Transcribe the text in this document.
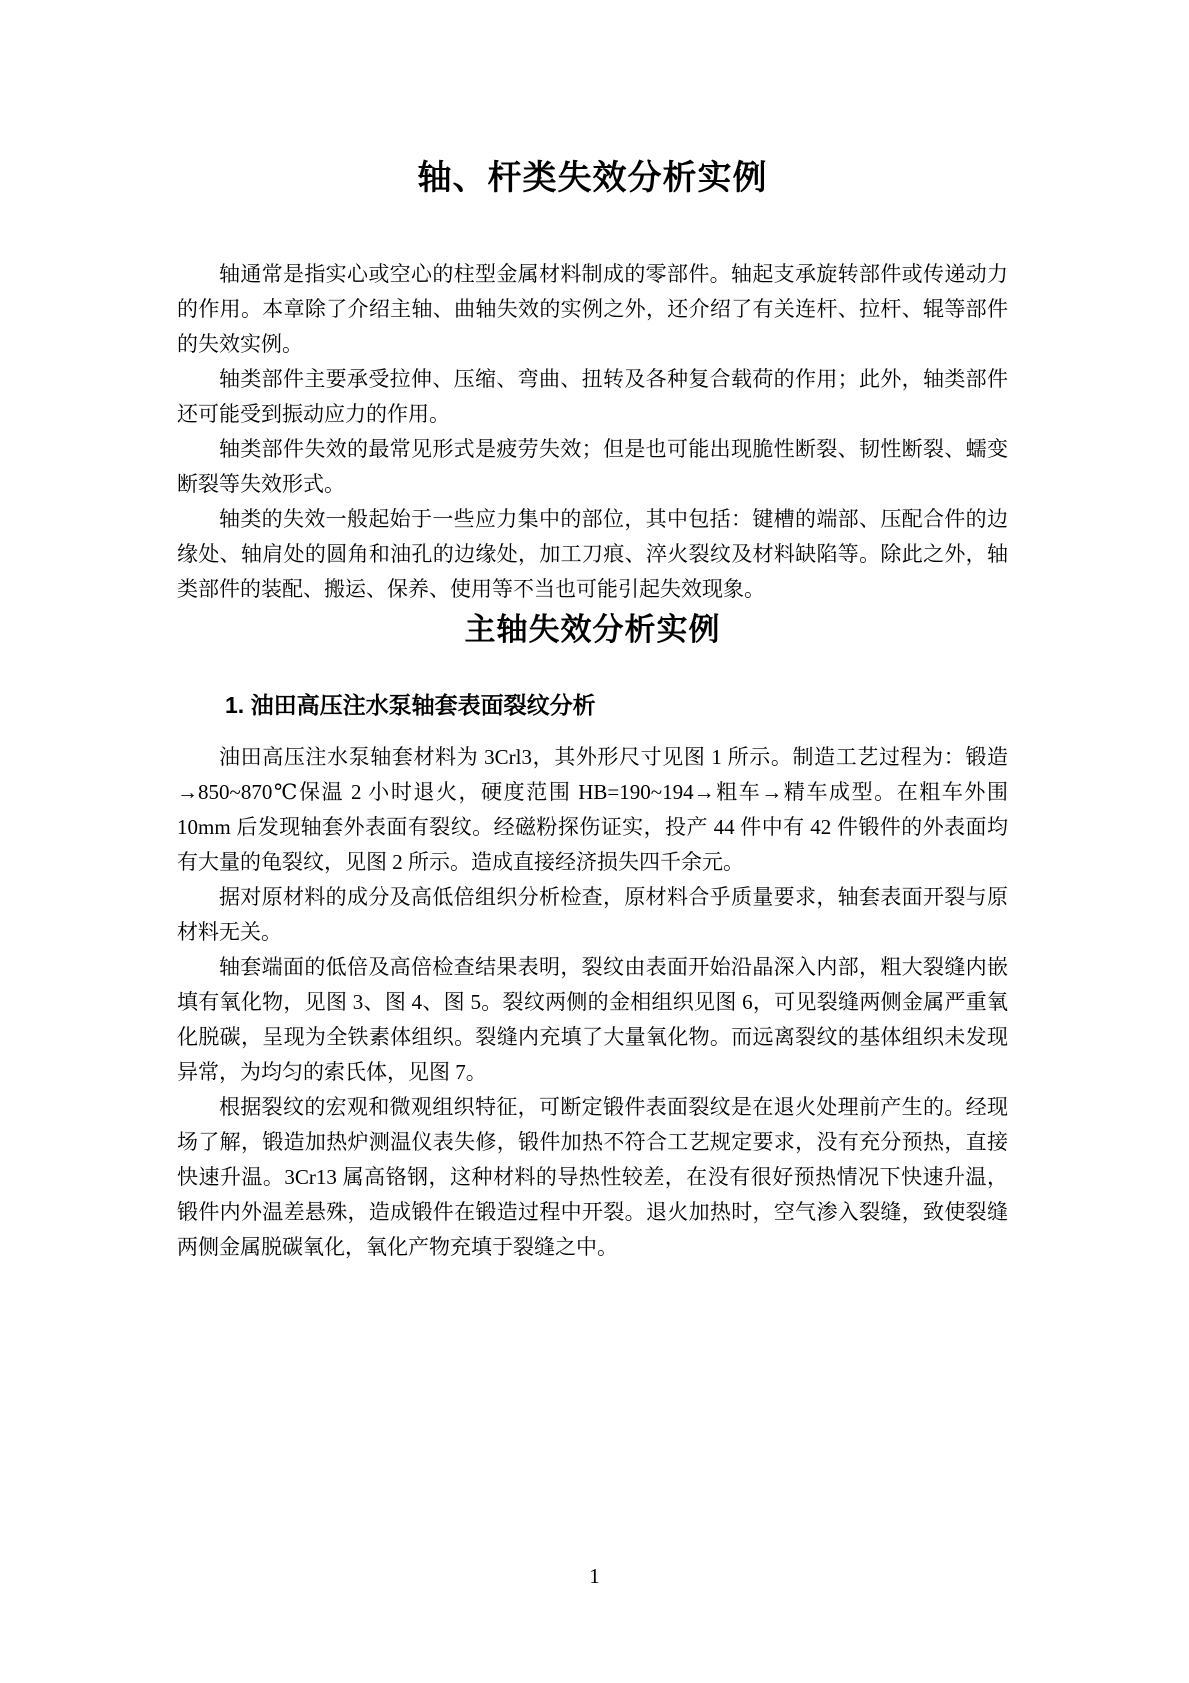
轴、杆类失效分析实例

轴通常是指实心或空心的柱型金属材料制成的零部件。轴起支承旋转部件或传递动力的作用。本章除了介绍主轴、曲轴失效的实例之外，还介绍了有关连杆、拉杆、辊等部件的失效实例。

轴类部件主要承受拉伸、压缩、弯曲、扭转及各种复合载荷的作用；此外，轴类部件还可能受到振动应力的作用。

轴类部件失效的最常见形式是疲劳失效；但是也可能出现脆性断裂、韧性断裂、蠕变断裂等失效形式。

轴类的失效一般起始于一些应力集中的部位，其中包括：键槽的端部、压配合件的边缘处、轴肩处的圆角和油孔的边缘处，加工刀痕、淬火裂纹及材料缺陷等。除此之外，轴类部件的装配、搬运、保养、使用等不当也可能引起失效现象。

主轴失效分析实例
1. 油田高压注水泵轴套表面裂纹分析

油田高压注水泵轴套材料为 3Crl3，其外形尺寸见图 1 所示。制造工艺过程为：锻造→850~870℃保温 2 小时退火，硬度范围 HB=190~194→粗车→精车成型。在粗车外围 10mm 后发现轴套外表面有裂纹。经磁粉探伤证实，投产 44 件中有 42 件锻件的外表面均有大量的龟裂纹，见图 2 所示。造成直接经济损失四千余元。

据对原材料的成分及高低倍组织分析检查，原材料合乎质量要求，轴套表面开裂与原材料无关。

轴套端面的低倍及高倍检查结果表明，裂纹由表面开始沿晶深入内部，粗大裂缝内嵌填有氧化物，见图 3、图 4、图 5。裂纹两侧的金相组织见图 6，可见裂缝两侧金属严重氧化脱碳，呈现为全铁素体组织。裂缝内充填了大量氧化物。而远离裂纹的基体组织未发现异常，为均匀的索氏体，见图 7。

根据裂纹的宏观和微观组织特征，可断定锻件表面裂纹是在退火处理前产生的。经现场了解，锻造加热炉测温仪表失修，锻件加热不符合工艺规定要求，没有充分预热，直接快速升温。3Cr13 属高铬钢，这种材料的导热性较差，在没有很好预热情况下快速升温，锻件内外温差悬殊，造成锻件在锻造过程中开裂。退火加热时，空气渗入裂缝，致使裂缝两侧金属脱碳氧化，氧化产物充填于裂缝之中。

1
